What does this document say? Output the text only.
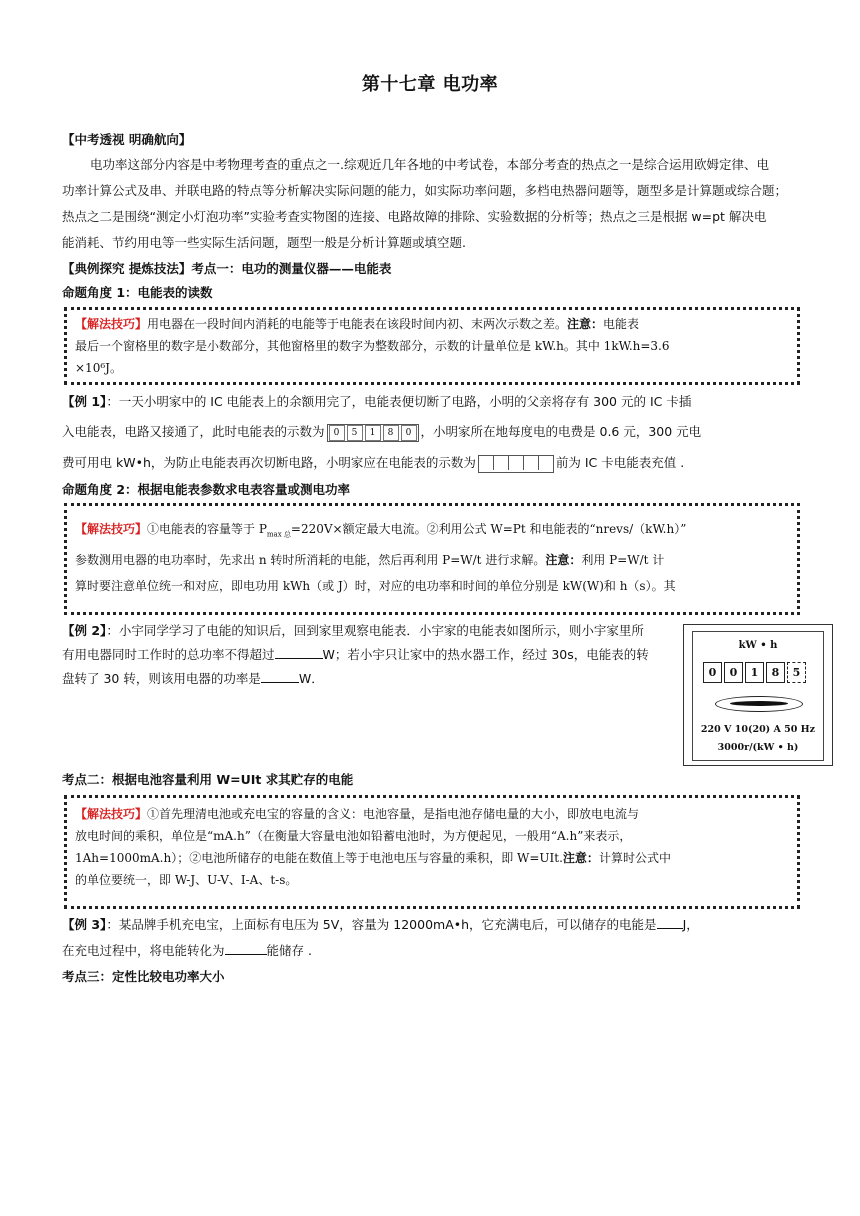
第十七章 电功率
【中考透视 明确航向】
电功率这部分内容是中考物理考查的重点之一.综观近几年各地的中考试卷，本部分考查的热点之一是综合运用欧姆定律、电
功率计算公式及串、并联电路的特点等分析解决实际问题的能力，如实际功率问题，多档电热器问题等，题型多是计算题或综合题；
热点之二是围绕“测定小灯泡功率”实验考查实物图的连接、电路故障的排除、实验数据的分析等；热点之三是根据 w=pt 解决电
能消耗、节约用电等一些实际生活问题，题型一般是分析计算题或填空题.
【典例探究 提炼技法】考点一：电功的测量仪器——电能表
命题角度 1：电能表的读数
【解法技巧】用电器在一段时间内消耗的电能等于电能表在该段时间内初、末两次示数之差。注意：电能表
最后一个窗格里的数字是小数部分，其他窗格里的数字为整数部分，示数的计量单位是 kW.h。其中 1kW.h=3.6
×10⁶J。
【例 1】：一天小明家中的 IC 电能表上的余额用完了，电能表便切断了电路，小明的父亲将存有 300 元的 IC 卡插
入电能表，电路又接通了，此时电能表的示数为	0	5	1	8	0 ，小明家所在地每度电的电费是 0.6 元，300 元电
费可用电 kW•h，为防止电能表再次切断电路，小明家应在电能表的示数为	前为 IC 卡电能表充值 .
命题角度 2：根据电能表参数求电表容量或测电功率
【解法技巧】①电能表的容量等于 $P_{max 总}=220V\times$额定最大电流。②利用公式 W=Pt 和电能表的“nrevs/（kW.h）”
参数测用电器的电功率时，先求出 n 转时所消耗的电能，然后再利用 P=W/t 进行求解。注意：利用 P=W/t 计
算时要注意单位统一和对应，即电功用 kWh（或 J）时，对应的电功率和时间的单位分别是 kW(W)和 h（s）。其
【例 2】：小宇同学学习了电能的知识后，回到家里观察电能表．小宇家的电能表如图所示，则小宇家里所
有用电器同时工作时的总功率不得超过	W；若小宇只让家中的热水器工作，经过 30s，电能表的转
盘转了 30 转，则该用电器的功率是	W．
kW • h
0	0	1	8	5
220 V 10(20) A 50 Hz
3000r/(kW • h)
考点二：根据电池容量利用 W=UIt 求其贮存的电能
【解法技巧】①首先理清电池或充电宝的容量的含义：电池容量，是指电池存储电量的大小，即放电电流与
放电时间的乘积，单位是“mA.h”（在衡量大容量电池如铅蓄电池时，为方便起见，一般用“A.h”来表示，
1Ah=1000mA.h）；②电池所储存的电能在数值上等于电池电压与容量的乘积，即 W=UIt.注意：计算时公式中
的单位要统一，即 W-J、U-V、I-A、t-s。
【例 3】：某品牌手机充电宝，上面标有电压为 5V，容量为 12000mA•h，它充满电后，可以储存的电能是 J，
在充电过程中，将电能转化为	能储存 .
考点三：定性比较电功率大小
